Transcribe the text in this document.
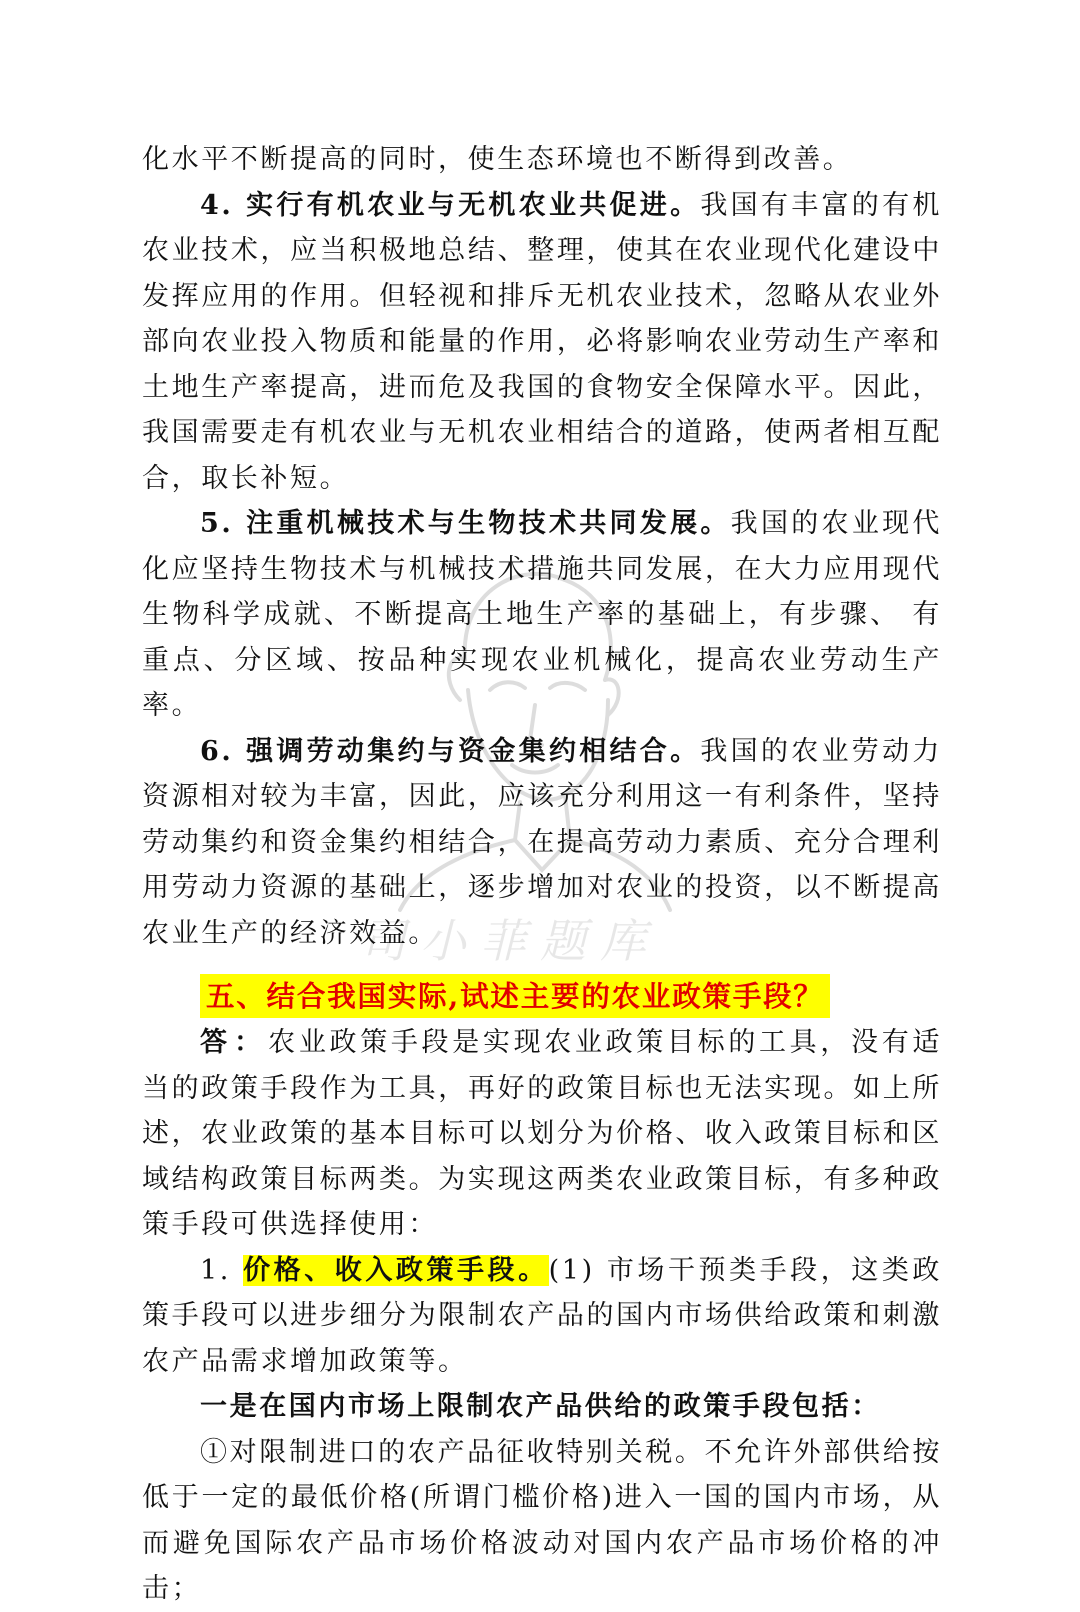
司小菲题库

化水平不断提高的同时，使生态环境也不断得到改善。

4. 实行有机农业与无机农业共促进。我国有丰富的有机农业技术，应当积极地总结、整理，使其在农业现代化建设中发挥应用的作用。但轻视和排斥无机农业技术，忽略从农业外部向农业投入物质和能量的作用，必将影响农业劳动生产率和土地生产率提高，进而危及我国的食物安全保障水平。因此，我国需要走有机农业与无机农业相结合的道路，使两者相互配合，取长补短。

5. 注重机械技术与生物技术共同发展。我国的农业现代化应坚持生物技术与机械技术措施共同发展，在大力应用现代生物科学成就、不断提高土地生产率的基础上，有步骤、 有重点、分区域、按品种实现农业机械化，提高农业劳动生产率。

6. 强调劳动集约与资金集约相结合。我国的农业劳动力资源相对较为丰富，因此，应该充分利用这一有利条件，坚持劳动集约和资金集约相结合，在提高劳动力素质、充分合理利用劳动力资源的基础上，逐步增加对农业的投资，以不断提高农业生产的经济效益。

五、结合我国实际,试述主要的农业政策手段？

答：农业政策手段是实现农业政策目标的工具，没有适当的政策手段作为工具，再好的政策目标也无法实现。如上所述，农业政策的基本目标可以划分为价格、收入政策目标和区域结构政策目标两类。为实现这两类农业政策目标，有多种政策手段可供选择使用：

1. 价格、收入政策手段。(1) 市场干预类手段，这类政策手段可以进步细分为限制农产品的国内市场供给政策和刺激农产品需求增加政策等。

一是在国内市场上限制农产品供给的政策手段包括：

①对限制进口的农产品征收特别关税。不允许外部供给按低于一定的最低价格(所谓门槛价格)进入一国的国内市场，从而避免国际农产品市场价格波动对国内农产品市场价格的冲击；
